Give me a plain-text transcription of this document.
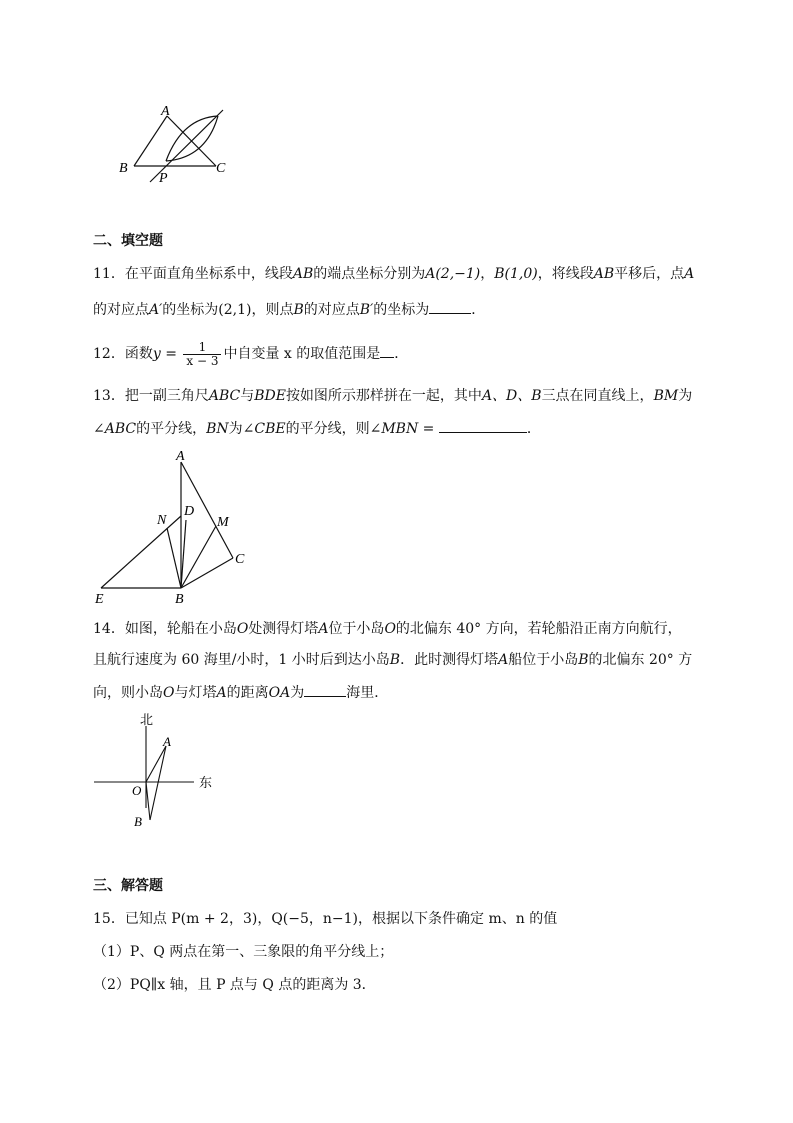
A
B	C
P
二、填空题
11．在平面直角坐标系中，线段AB的端点坐标分别为A(2,−1)，B(1,0)，将线段AB平移后，点A
的对应点A′的坐标为(2,1)，则点B的对应点B′的坐标为	．
12．函数$y = \frac{1}{x - 3}$ 中自变量 x 的取值范围是 ．
13．把一副三角尺ABC与BDE按如图所示那样拼在一起，其中A、D、B三点在同直线上，BM为
∠ABC的平分线，BN为∠CBE的平分线，则∠MBN =	．
A
D
N	M
C
E	B
14．如图，轮船在小岛O处测得灯塔A位于小岛O的北偏东 40° 方向，若轮船沿正南方向航行，
且航行速度为 60 海里/小时，1 小时后到达小岛B．此时测得灯塔A船位于小岛B的北偏东 20° 方
向，则小岛O与灯塔A的距离OA为	海里．
北
东
A
O
B
三、解答题
15．已知点 P(m + 2，3)，Q(−5，n−1)，根据以下条件确定 m、n 的值
（1）P、Q 两点在第一、三象限的角平分线上；
（2）PQ∥x 轴，且 P 点与 Q 点的距离为 3．
